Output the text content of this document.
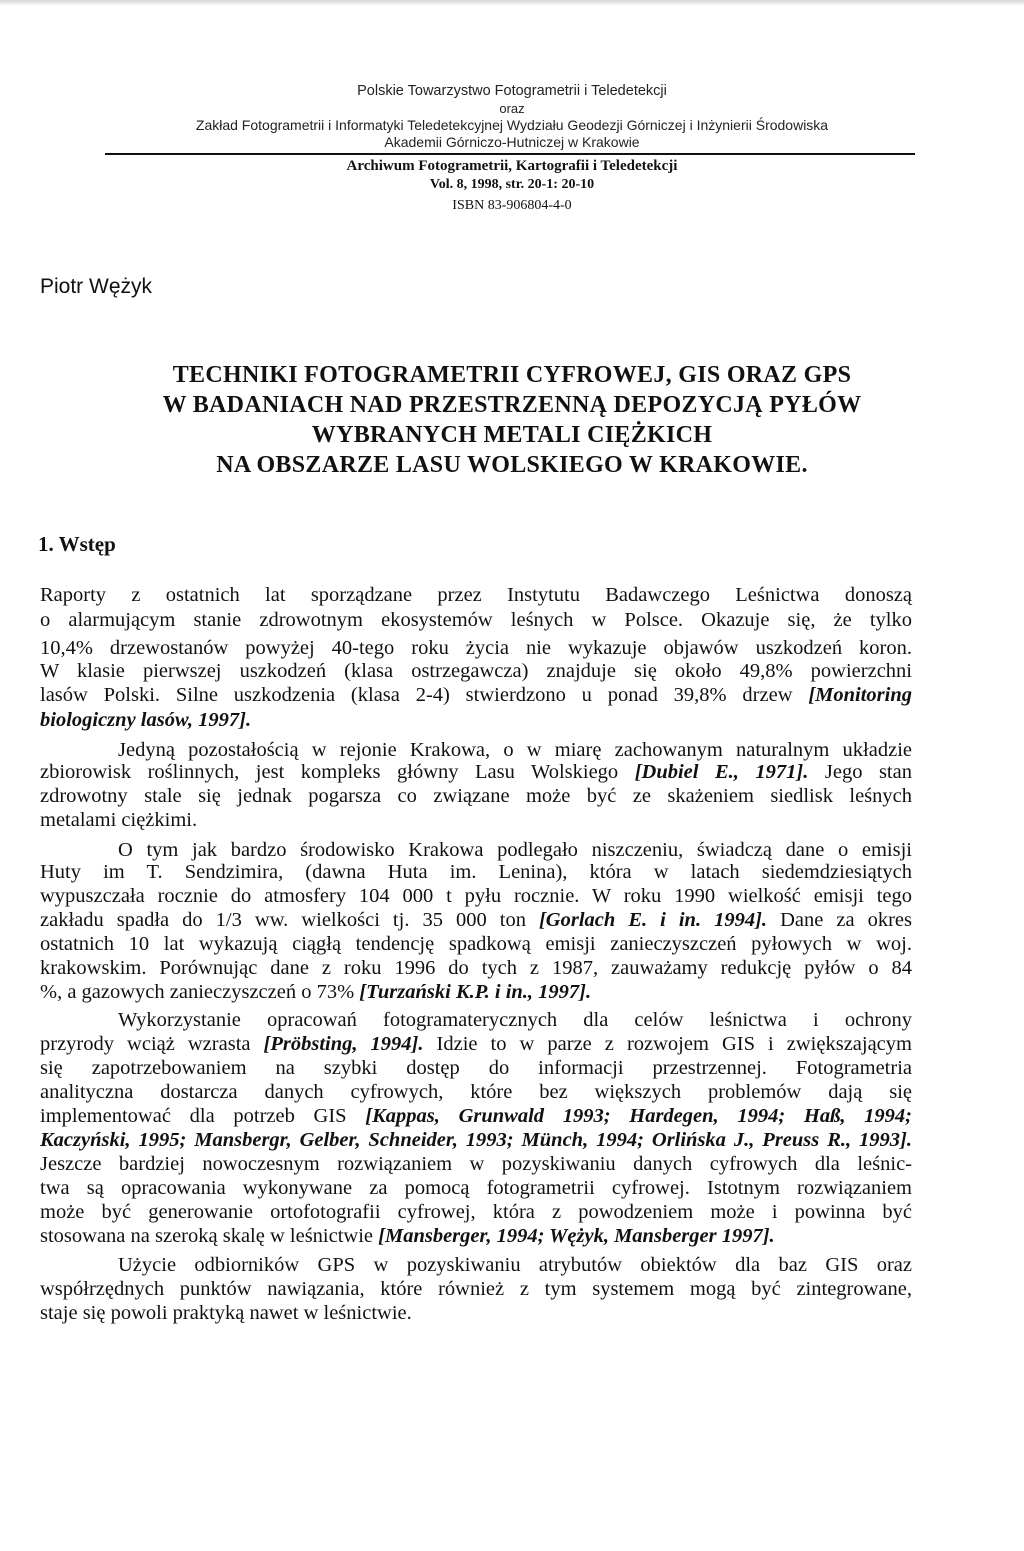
Polskie Towarzystwo Fotogrametrii i Teledetekcji
oraz
Zakład Fotogrametrii i Informatyki Teledetekcyjnej Wydziału Geodezji Górniczej i Inżynierii Środowiska
Akademii Górniczo-Hutniczej w Krakowie
Archiwum Fotogrametrii, Kartografii i Teledetekcji
Vol. 8, 1998, str. 20-1: 20-10
ISBN 83-906804-4-0
Piotr Wężyk
TECHNIKI FOTOGRAMETRII CYFROWEJ, GIS ORAZ GPS
W BADANIACH NAD PRZESTRZENNĄ DEPOZYCJĄ PYŁÓW
WYBRANYCH METALI CIĘŻKICH
NA OBSZARZE LASU WOLSKIEGO W KRAKOWIE.
1. Wstęp
Raporty z ostatnich lat sporządzane przez Instytutu Badawczego Leśnictwa donoszą
o alarmującym stanie zdrowotnym ekosystemów leśnych w Polsce. Okazuje się, że tylko
10,4% drzewostanów powyżej 40-tego roku życia nie wykazuje objawów uszkodzeń koron.
W klasie pierwszej uszkodzeń (klasa ostrzegawcza) znajduje się około 49,8% powierzchni
lasów Polski. Silne uszkodzenia (klasa 2-4) stwierdzono u ponad 39,8% drzew [Monitoring
biologiczny lasów, 1997].
Jedyną pozostałością w rejonie Krakowa, o w miarę zachowanym naturalnym układzie
zbiorowisk roślinnych, jest kompleks główny Lasu Wolskiego [Dubiel E., 1971]. Jego stan
zdrowotny stale się jednak pogarsza co związane może być ze skażeniem siedlisk leśnych
metalami ciężkimi.
O tym jak bardzo środowisko Krakowa podlegało niszczeniu, świadczą dane o emisji
Huty im T. Sendzimira, (dawna Huta im. Lenina), która w latach siedemdziesiątych
wypuszczała rocznie do atmosfery 104 000 t pyłu rocznie. W roku 1990 wielkość emisji tego
zakładu spadła do 1/3 ww. wielkości tj. 35 000 ton [Gorlach E. i in. 1994]. Dane za okres
ostatnich 10 lat wykazują ciągłą tendencję spadkową emisji zanieczyszczeń pyłowych w woj.
krakowskim. Porównując dane z roku 1996 do tych z 1987, zauważamy redukcję pyłów o 84
%, a gazowych zanieczyszczeń o 73% [Turzański K.P. i in., 1997].
Wykorzystanie opracowań fotogramaterycznych dla celów leśnictwa i ochrony
przyrody wciąż wzrasta [Pröbsting, 1994]. Idzie to w parze z rozwojem GIS i zwiększającym
się zapotrzebowaniem na szybki dostęp do informacji przestrzennej. Fotogrametria
analityczna dostarcza danych cyfrowych, które bez większych problemów dają się
implementować dla potrzeb GIS [Kappas, Grunwald 1993; Hardegen, 1994; Haß, 1994;
Kaczyński, 1995; Mansbergr, Gelber, Schneider, 1993; Münch, 1994; Orlińska J., Preuss R., 1993].
Jeszcze bardziej nowoczesnym rozwiązaniem w pozyskiwaniu danych cyfrowych dla leśnic-
twa są opracowania wykonywane za pomocą fotogrametrii cyfrowej. Istotnym rozwiązaniem
może być generowanie ortofotografii cyfrowej, która z powodzeniem może i powinna być
stosowana na szeroką skalę w leśnictwie [Mansberger, 1994; Wężyk, Mansberger 1997].
Użycie odbiorników GPS w pozyskiwaniu atrybutów obiektów dla baz GIS oraz
współrzędnych punktów nawiązania, które również z tym systemem mogą być zintegrowane,
staje się powoli praktyką nawet w leśnictwie.
